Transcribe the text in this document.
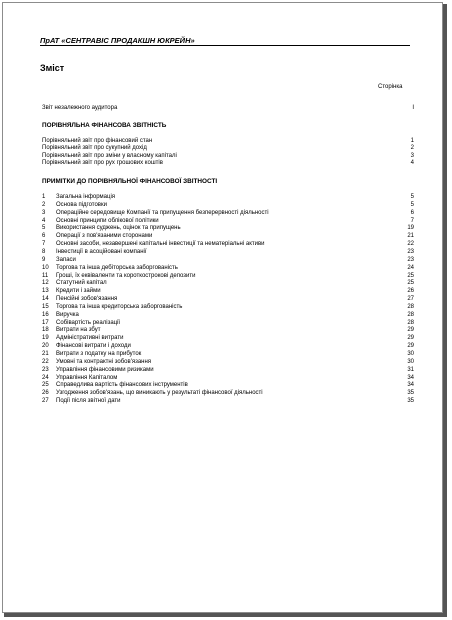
ПрАТ «СЕНТРАВІС ПРОДАКШН ЮКРЕЙН»
Зміст
Сторінка
Звіт незалежного аудитора	I
ПОРІВНЯЛЬНА ФІНАНСОВА ЗВІТНІСТЬ
Порівняльний звіт про фінансовий стан	1
Порівняльний звіт про сукупний дохід	2
Порівняльний звіт про зміни у власному капіталі	3
Порівняльний звіт про рух грошових коштів	4
ПРИМІТКИ ДО ПОРІВНЯЛЬНОЇ ФІНАНСОВОЇ ЗВІТНОСТІ
1 Загальна інформація	5
2 Основа підготовки	5
3 Операційне середовище Компанії та припущення безперервності діяльності	6
4 Основні принципи облікової політики	7
5 Використання суджень, оцінок та припущень	19
6 Операції з пов'язаними сторонами	21
7 Основні засоби, незавершені капітальні інвестиції та нематеріальні активи	22
8 Інвестиції в асоційовані компанії	23
9 Запаси	23
10 Торгова та інша дебіторська заборгованість	24
11 Гроші, їх еквіваленти та короткострокові депозити	25
12 Статутний капітал	25
13 Кредити і займи	26
14 Пенсійні зобов'язання	27
15 Торгова та інша кредиторська заборгованість	28
16 Виручка	28
17 Собівартість реалізації	28
18 Витрати на збут	29
19 Адміністративні витрати	29
20 Фінансові витрати і доходи	29
21 Витрати з податку на прибуток	30
22 Умовні та контрактні зобов'язання	30
23 Управління фінансовими ризиками	31
24 Управління Капіталом	34
25 Справедлива вартість фінансових інструментів	34
26 Узгодження зобов'язань, що виникають у результаті фінансової діяльності	35
27 Події після звітної дати	35
